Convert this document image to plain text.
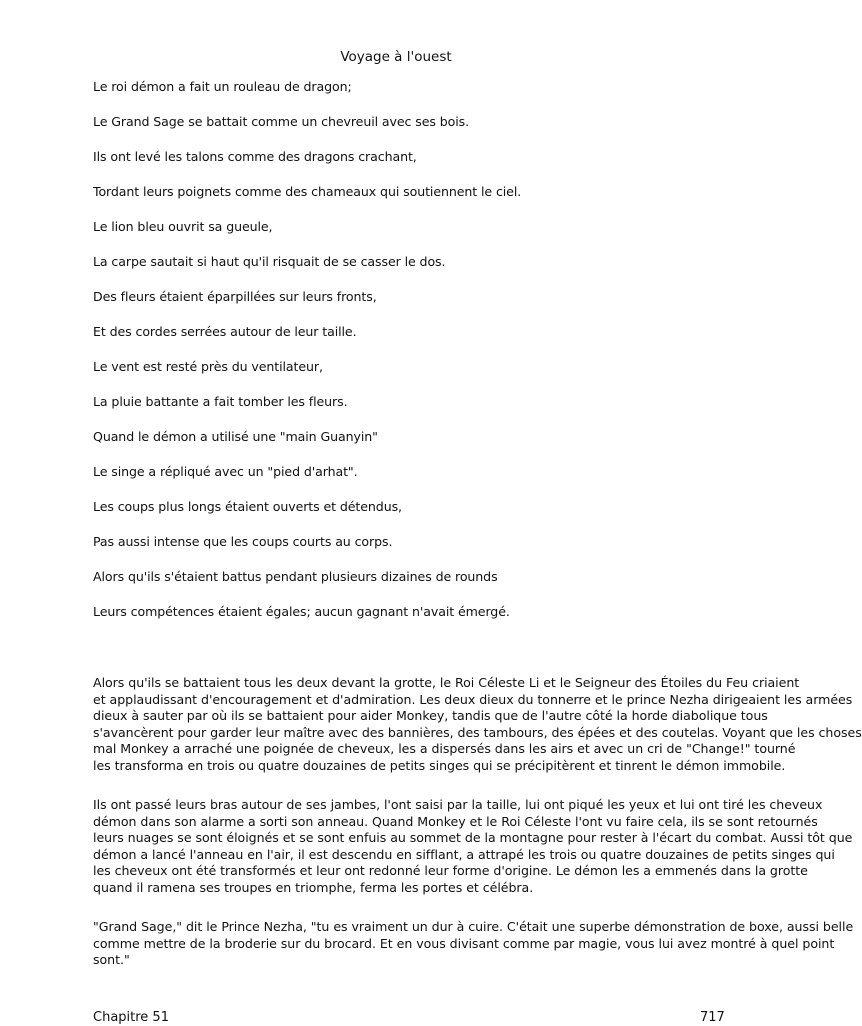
Voyage à l'ouest
Le roi démon a fait un rouleau de dragon;
Le Grand Sage se battait comme un chevreuil avec ses bois.
Ils ont levé les talons comme des dragons crachant,
Tordant leurs poignets comme des chameaux qui soutiennent le ciel.
Le lion bleu ouvrit sa gueule,
La carpe sautait si haut qu'il risquait de se casser le dos.
Des fleurs étaient éparpillées sur leurs fronts,
Et des cordes serrées autour de leur taille.
Le vent est resté près du ventilateur,
La pluie battante a fait tomber les fleurs.
Quand le démon a utilisé une "main Guanyin"
Le singe a répliqué avec un "pied d'arhat".
Les coups plus longs étaient ouverts et détendus,
Pas aussi intense que les coups courts au corps.
Alors qu'ils s'étaient battus pendant plusieurs dizaines de rounds
Leurs compétences étaient égales; aucun gagnant n'avait émergé.

Alors qu'ils se battaient tous les deux devant la grotte, le Roi Céleste Li et le Seigneur des Étoiles du Feu criaient
et applaudissant d'encouragement et d'admiration. Les deux dieux du tonnerre et le prince Nezha dirigeaient les armées
dieux à sauter par où ils se battaient pour aider Monkey, tandis que de l'autre côté la horde diabolique tous
s'avancèrent pour garder leur maître avec des bannières, des tambours, des épées et des coutelas. Voyant que les choses
mal Monkey a arraché une poignée de cheveux, les a dispersés dans les airs et avec un cri de "Change!" tourné
les transforma en trois ou quatre douzaines de petits singes qui se précipitèrent et tinrent le démon immobile.

Ils ont passé leurs bras autour de ses jambes, l'ont saisi par la taille, lui ont piqué les yeux et lui ont tiré les cheveux
démon dans son alarme a sorti son anneau. Quand Monkey et le Roi Céleste l'ont vu faire cela, ils se sont retournés
leurs nuages se sont éloignés et se sont enfuis au sommet de la montagne pour rester à l'écart du combat. Aussi tôt que
démon a lancé l'anneau en l'air, il est descendu en sifflant, a attrapé les trois ou quatre douzaines de petits singes qui
les cheveux ont été transformés et leur ont redonné leur forme d'origine. Le démon les a emmenés dans la grotte
quand il ramena ses troupes en triomphe, ferma les portes et célébra.

"Grand Sage," dit le Prince Nezha, "tu es vraiment un dur à cuire. C'était une superbe démonstration de boxe, aussi belle
comme mettre de la broderie sur du brocard. Et en vous divisant comme par magie, vous lui avez montré à quel point
sont."

Chapitre 51	717
